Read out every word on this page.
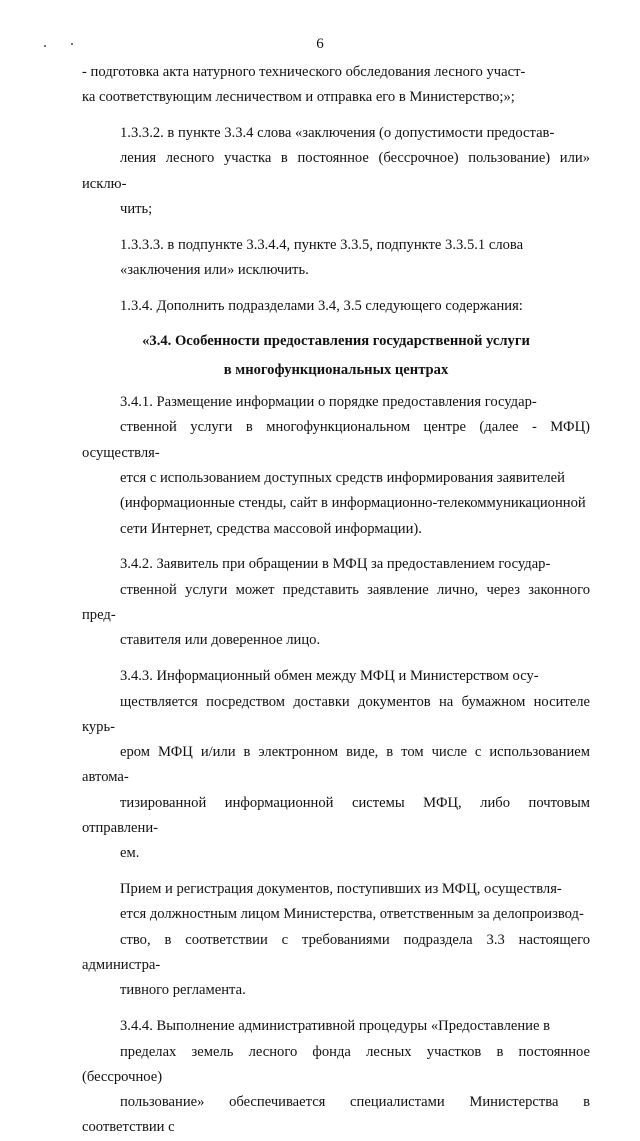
6

- подготовка акта натурного технического обследования лесного участ-
ка соответствующим лесничеством и отправка его в Министерство;»;

1.3.3.2. в пункте 3.3.4 слова «заключения (о допустимости предостав-
ления лесного участка в постоянное (бессрочное) пользование) или» исклю-
чить;

1.3.3.3. в подпункте 3.3.4.4, пункте 3.3.5, подпункте 3.3.5.1 слова
«заключения или» исключить.

1.3.4. Дополнить подразделами 3.4, 3.5 следующего содержания:

«3.4. Особенности предоставления государственной услуги
в многофункциональных центрах

3.4.1. Размещение информации о порядке предоставления государ-
ственной услуги в многофункциональном центре (далее - МФЦ) осуществля-
ется с использованием доступных средств информирования заявителей
(информационные стенды, сайт в информационно-телекоммуникационной
сети Интернет, средства массовой информации).

3.4.2. Заявитель при обращении в МФЦ за предоставлением государ-
ственной услуги может представить заявление лично, через законного пред-
ставителя или доверенное лицо.

3.4.3. Информационный обмен между МФЦ и Министерством осу-
ществляется посредством доставки документов на бумажном носителе курь-
ером МФЦ и/или в электронном виде, в том числе с использованием автома-
тизированной информационной системы МФЦ, либо почтовым отправлени-
ем.

Прием и регистрация документов, поступивших из МФЦ, осуществля-
ется должностным лицом Министерства, ответственным за делопроизвод-
ство, в соответствии с требованиями подраздела 3.3 настоящего администра-
тивного регламента.

3.4.4. Выполнение административной процедуры «Предоставление в
пределах земель лесного фонда лесных участков в постоянное (бессрочное)
пользование» обеспечивается специалистами Министерства в соответствии с
